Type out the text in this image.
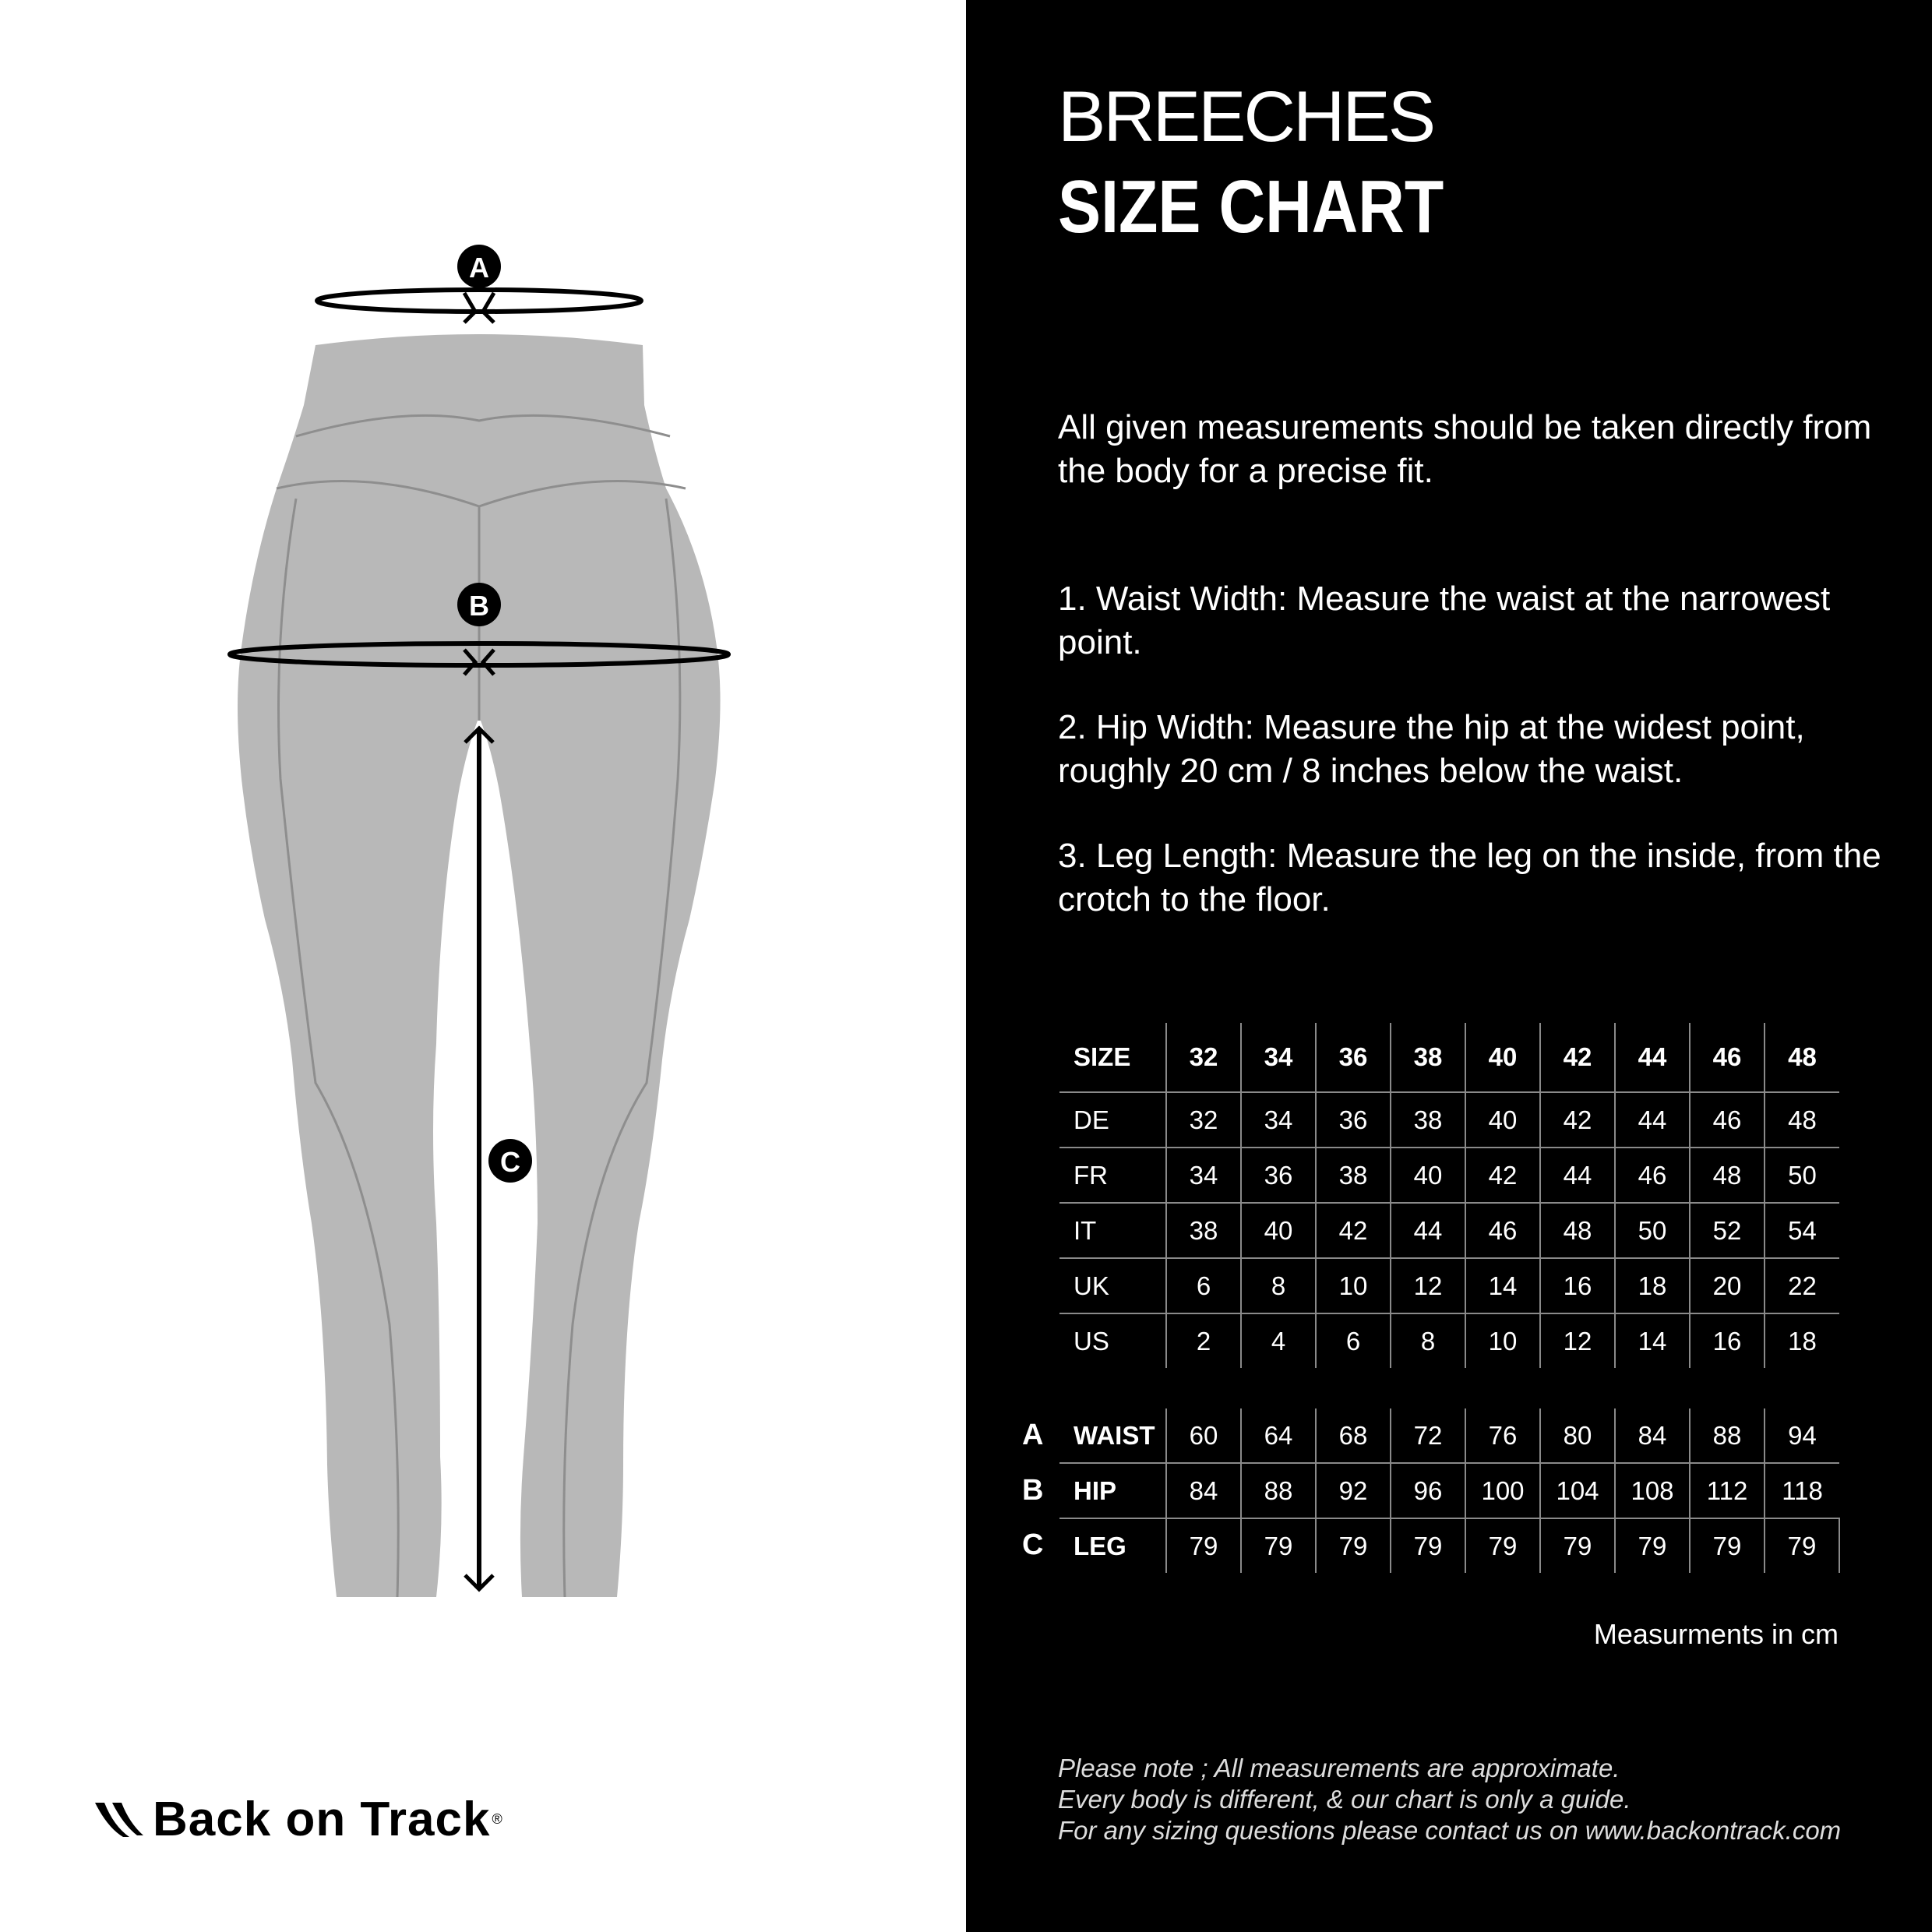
A
B
C
Back on Track ®
BREECHES
SIZE CHART
All given measurements should be taken directly from the body for a precise fit.
1. Waist Width: Measure the waist at the narrowest point.
2. Hip Width: Measure the hip at the widest point, roughly 20 cm / 8 inches below the waist.
3. Leg Length: Measure the leg on the inside, from the crotch to the floor.
SIZE	32	34	36	38	40	42	44	46	48
DE	32	34	36	38	40	42	44	46	48
FR	34	36	38	40	42	44	46	48	50
IT	38	40	42	44	46	48	50	52	54
UK	6	8	10	12	14	16	18	20	22
US	2	4	6	8	10	12	14	16	18

WAIST	60	64	68	72	76	80	84	88	94
HIP	84	88	92	96	100	104	108	112	118
LEG	79	79	79	79	79	79	79	79	79
Measurments in cm
Please note ; All measurements are approximate.
Every body is different, & our chart is only a guide.
For any sizing questions please contact us on www.backontrack.com
A
B
C
